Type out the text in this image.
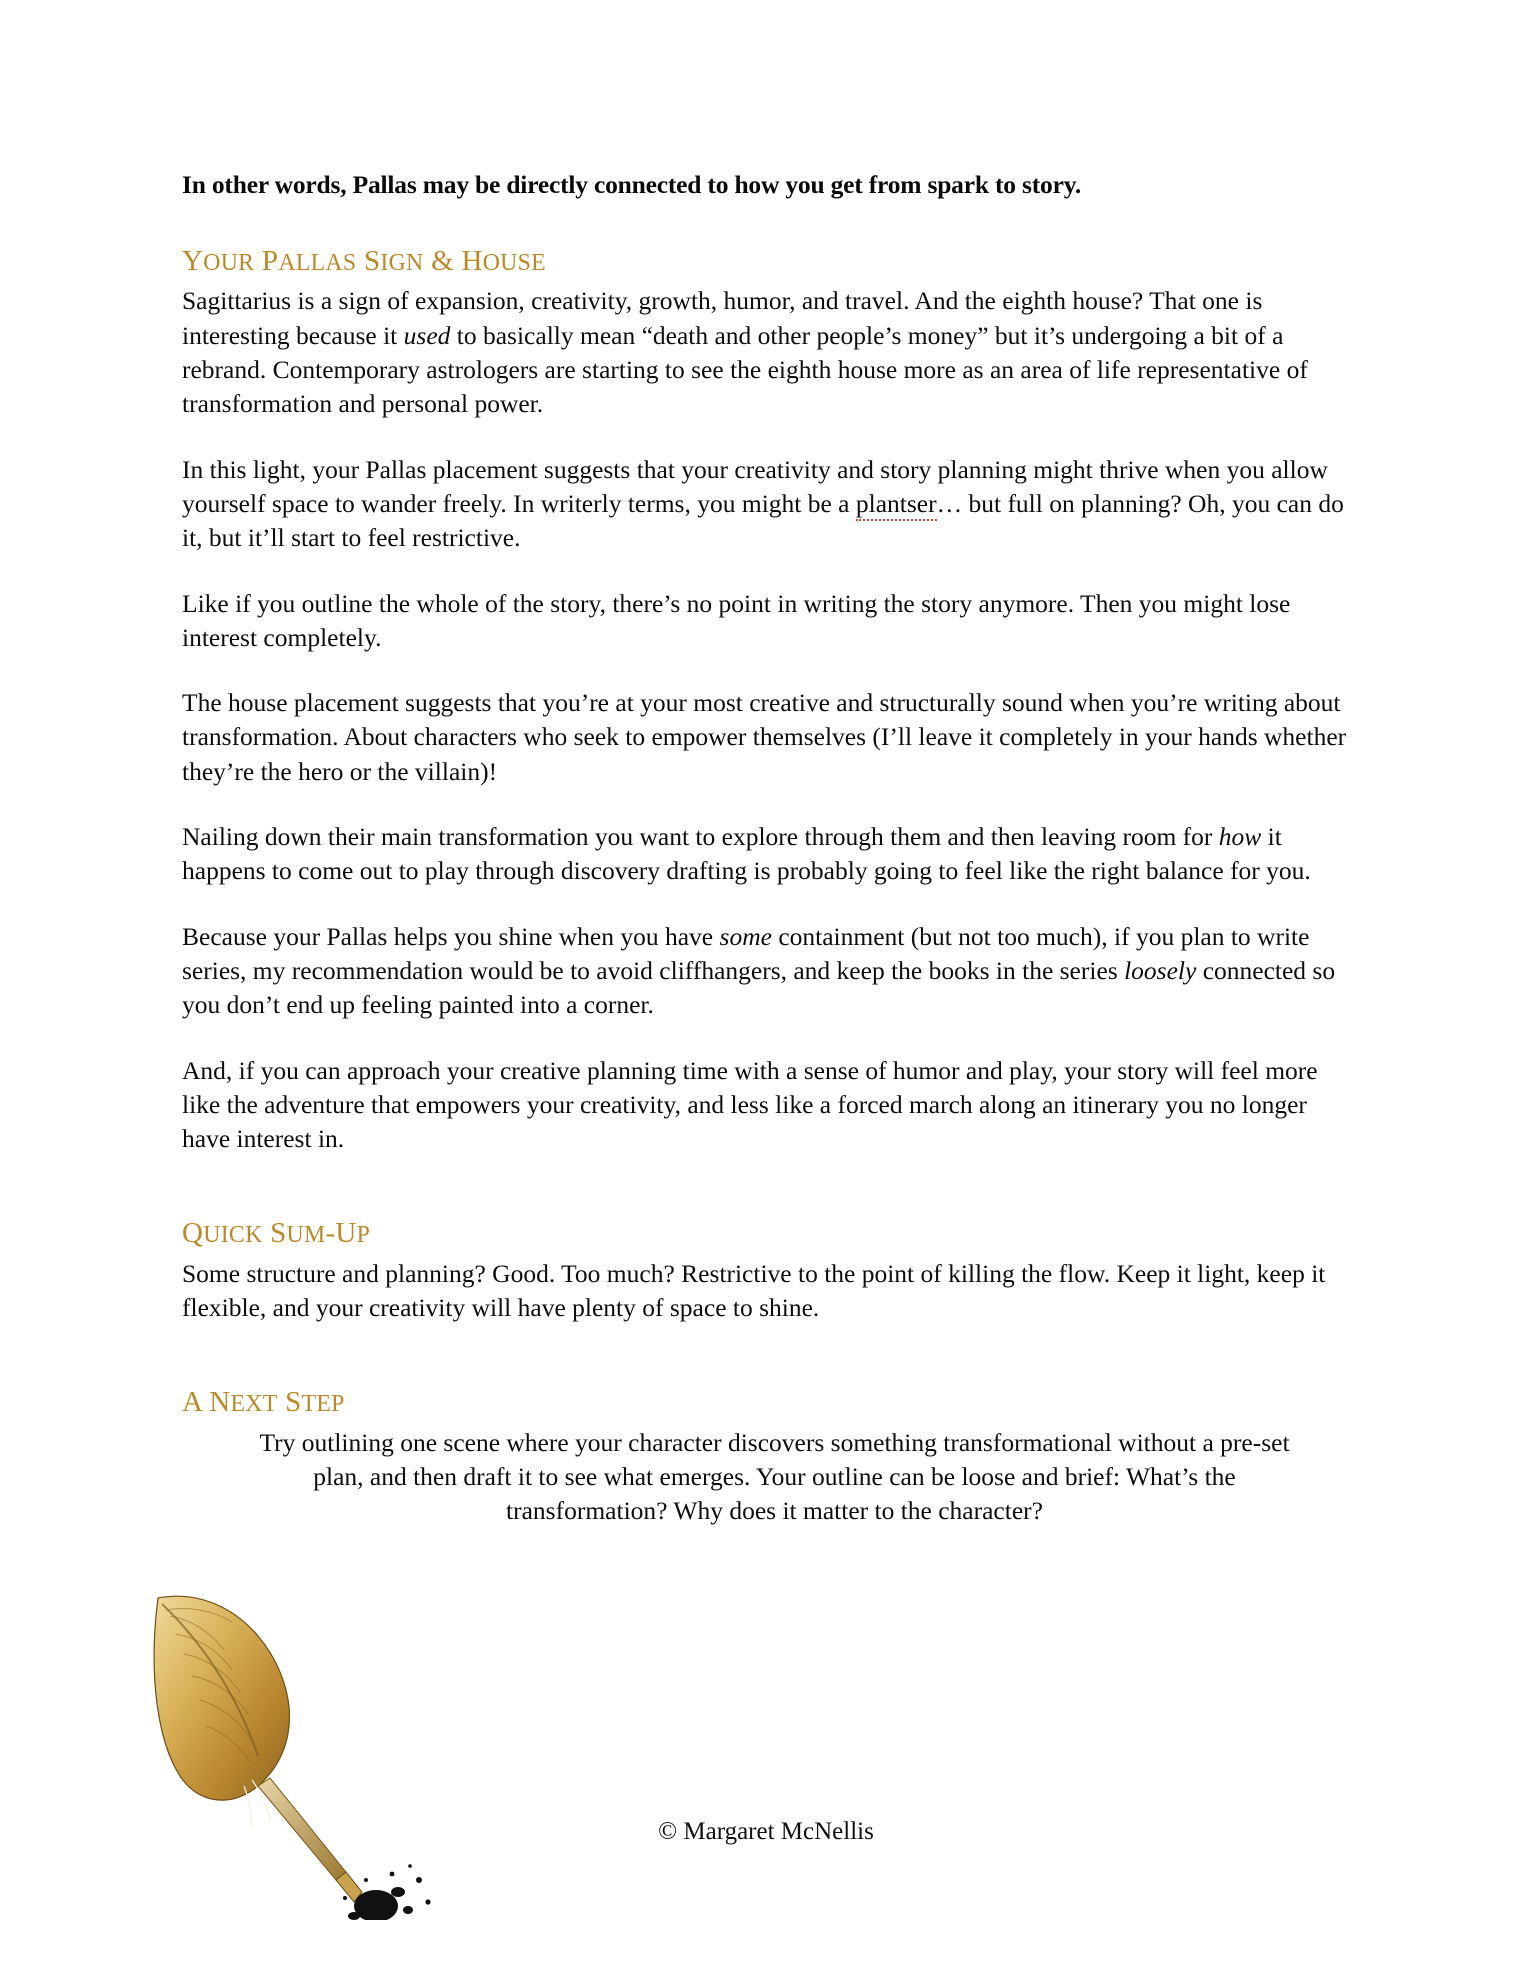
In other words, Pallas may be directly connected to how you get from spark to story.

YOUR PALLAS SIGN & HOUSE

Sagittarius is a sign of expansion, creativity, growth, humor, and travel. And the eighth house? That one is interesting because it used to basically mean “death and other people’s money” but it’s undergoing a bit of a rebrand. Contemporary astrologers are starting to see the eighth house more as an area of life representative of transformation and personal power.

In this light, your Pallas placement suggests that your creativity and story planning might thrive when you allow yourself space to wander freely. In writerly terms, you might be a plantser… but full on planning? Oh, you can do it, but it’ll start to feel restrictive.

Like if you outline the whole of the story, there’s no point in writing the story anymore. Then you might lose interest completely.

The house placement suggests that you’re at your most creative and structurally sound when you’re writing about transformation. About characters who seek to empower themselves (I’ll leave it completely in your hands whether they’re the hero or the villain)!

Nailing down their main transformation you want to explore through them and then leaving room for how it happens to come out to play through discovery drafting is probably going to feel like the right balance for you.

Because your Pallas helps you shine when you have some containment (but not too much), if you plan to write series, my recommendation would be to avoid cliffhangers, and keep the books in the series loosely connected so you don’t end up feeling painted into a corner.

And, if you can approach your creative planning time with a sense of humor and play, your story will feel more like the adventure that empowers your creativity, and less like a forced march along an itinerary you no longer have interest in.

QUICK SUM-UP

Some structure and planning? Good. Too much? Restrictive to the point of killing the flow. Keep it light, keep it flexible, and your creativity will have plenty of space to shine.

A NEXT STEP

Try outlining one scene where your character discovers something transformational without a pre-set plan, and then draft it to see what emerges. Your outline can be loose and brief: What’s the transformation? Why does it matter to the character?

© Margaret McNellis
